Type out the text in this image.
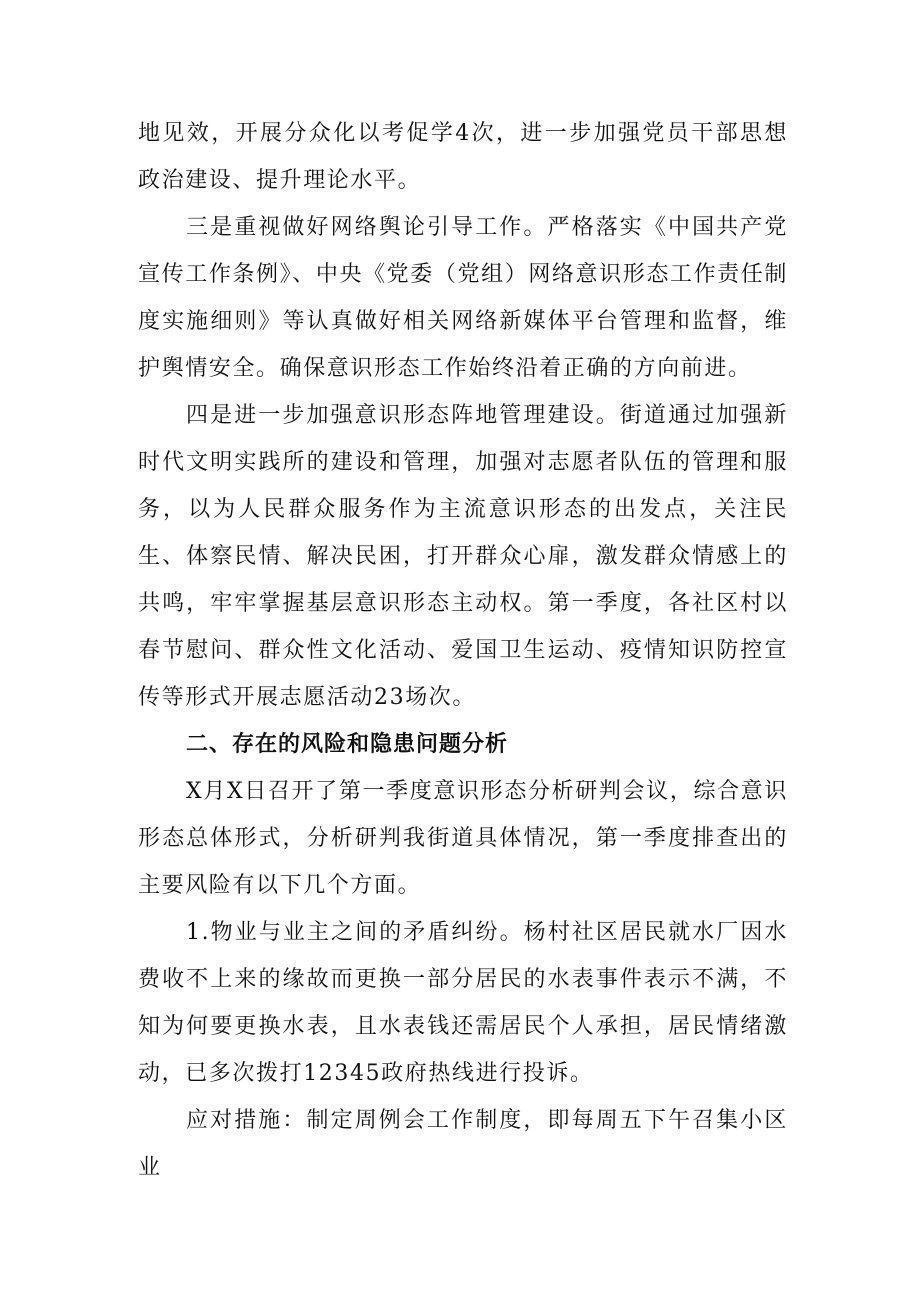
地见效，开展分众化以考促学4次，进一步加强党员干部思想政治建设、提升理论水平。

三是重视做好网络舆论引导工作。严格落实《中国共产党宣传工作条例》、中央《党委（党组）网络意识形态工作责任制度实施细则》等认真做好相关网络新媒体平台管理和监督，维护舆情安全。确保意识形态工作始终沿着正确的方向前进。

四是进一步加强意识形态阵地管理建设。街道通过加强新时代文明实践所的建设和管理，加强对志愿者队伍的管理和服务，以为人民群众服务作为主流意识形态的出发点，关注民生、体察民情、解决民困，打开群众心扉，激发群众情感上的共鸣，牢牢掌握基层意识形态主动权。第一季度，各社区村以春节慰问、群众性文化活动、爱国卫生运动、疫情知识防控宣传等形式开展志愿活动23场次。

二、存在的风险和隐患问题分析

X月X日召开了第一季度意识形态分析研判会议，综合意识形态总体形式，分析研判我街道具体情况，第一季度排查出的主要风险有以下几个方面。

1.物业与业主之间的矛盾纠纷。杨村社区居民就水厂因水费收不上来的缘故而更换一部分居民的水表事件表示不满，不知为何要更换水表，且水表钱还需居民个人承担，居民情绪激动，已多次拨打12345政府热线进行投诉。

应对措施：制定周例会工作制度，即每周五下午召集小区业
